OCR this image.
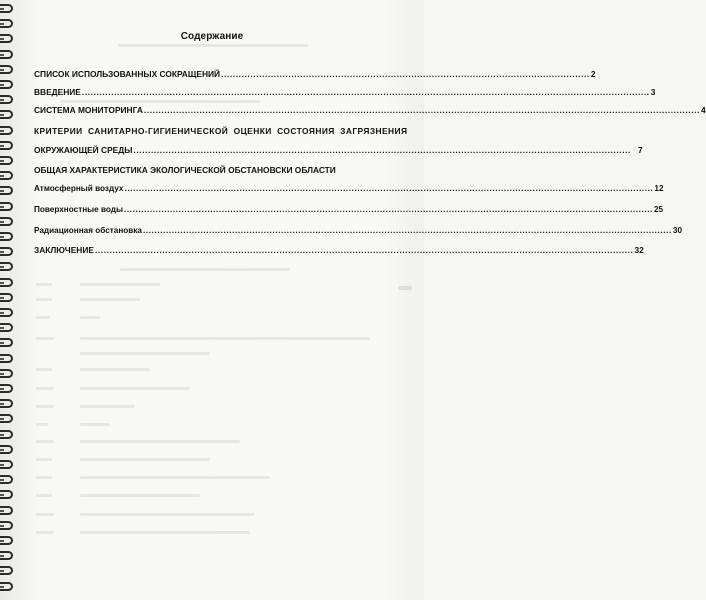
Содержание
СПИСОК ИСПОЛЬЗОВАННЫХ СОКРАЩЕНИЙ .............................................................................................................................. 2
ВВЕДЕНИЕ .................................................................................................................................................................................................. 3
СИСТЕМА МОНИТОРИНГА .............................................................................................................................................................................................. 4
КРИТЕРИИ САНИТАРНО-ГИГИЕНИЧЕСКОЙ ОЦЕНКИ СОСТОЯНИЯ ЗАГРЯЗНЕНИЯ
ОКРУЖАЮЩЕЙ СРЕДЫ .......................................................................................................................................................................... 7
ОБЩАЯ ХАРАКТЕРИСТИКА ЭКОЛОГИЧЕСКОЙ ОБСТАНОВСКИ ОБЛАСТИ
Атмосферный воздух ........................................................................................................................................................................................ 12
Поверхностные воды ........................................................................................................................................................................................ 25
Радиационная обстановка ........................................................................................................................................................................................ 30
ЗАКЛЮЧЕНИЕ ........................................................................................................................................................................................ 32
